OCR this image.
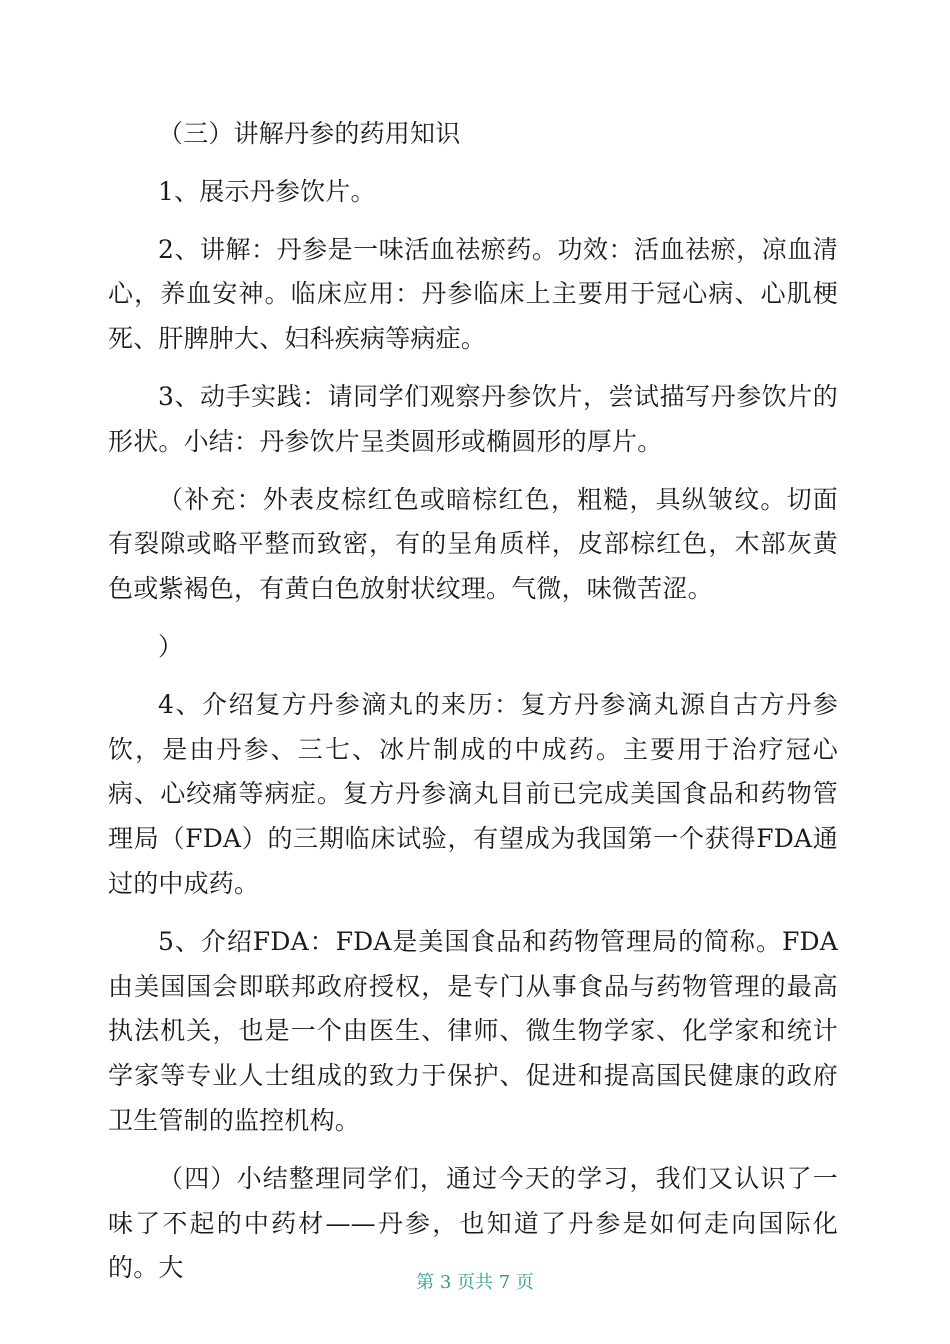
（三）讲解丹参的药用知识

1、展示丹参饮片。

2、讲解：丹参是一味活血祛瘀药。功效：活血祛瘀，凉血清心，养血安神。临床应用：丹参临床上主要用于冠心病、心肌梗死、肝脾肿大、妇科疾病等病症。

3、动手实践：请同学们观察丹参饮片，尝试描写丹参饮片的形状。小结：丹参饮片呈类圆形或椭圆形的厚片。

（补充：外表皮棕红色或暗棕红色，粗糙，具纵皱纹。切面有裂隙或略平整而致密，有的呈角质样，皮部棕红色，木部灰黄色或紫褐色，有黄白色放射状纹理。气微，味微苦涩。

）

4、介绍复方丹参滴丸的来历：复方丹参滴丸源自古方丹参饮，是由丹参、三七、冰片制成的中成药。主要用于治疗冠心病、心绞痛等病症。复方丹参滴丸目前已完成美国食品和药物管理局（FDA）的三期临床试验，有望成为我国第一个获得FDA通过的中成药。

5、介绍FDA：FDA是美国食品和药物管理局的简称。FDA由美国国会即联邦政府授权，是专门从事食品与药物管理的最高执法机关，也是一个由医生、律师、微生物学家、化学家和统计学家等专业人士组成的致力于保护、促进和提高国民健康的政府卫生管制的监控机构。

（四）小结整理同学们，通过今天的学习，我们又认识了一味了不起的中药材——丹参，也知道了丹参是如何走向国际化的。大

第 3 页共 7 页
